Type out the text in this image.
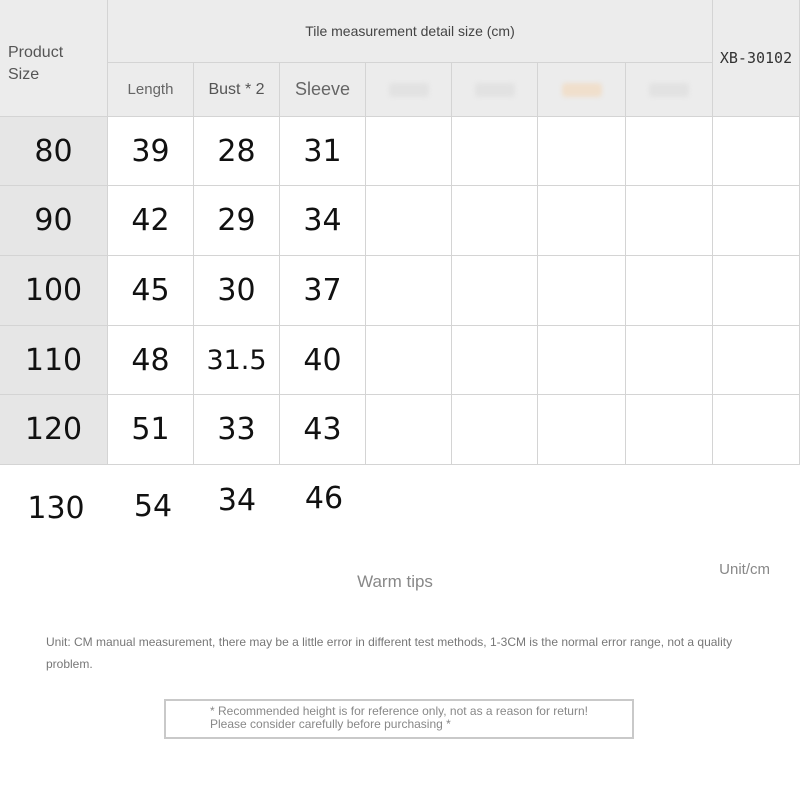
Product
Size
Tile measurement detail size (cm)
XB-30102
Length	Bust * 2	Sleeve
80	39	28	31
90	42	29	34
100	45	30	37
110	48	31.5	40
120	51	33	43
130	54	34	46
Unit/cm
Warm tips
Unit: CM manual measurement, there may be a little error in different test methods, 1-3CM is the normal error range, not a quality problem.
* Recommended height is for reference only, not as a reason for return!
Please consider carefully before purchasing *
